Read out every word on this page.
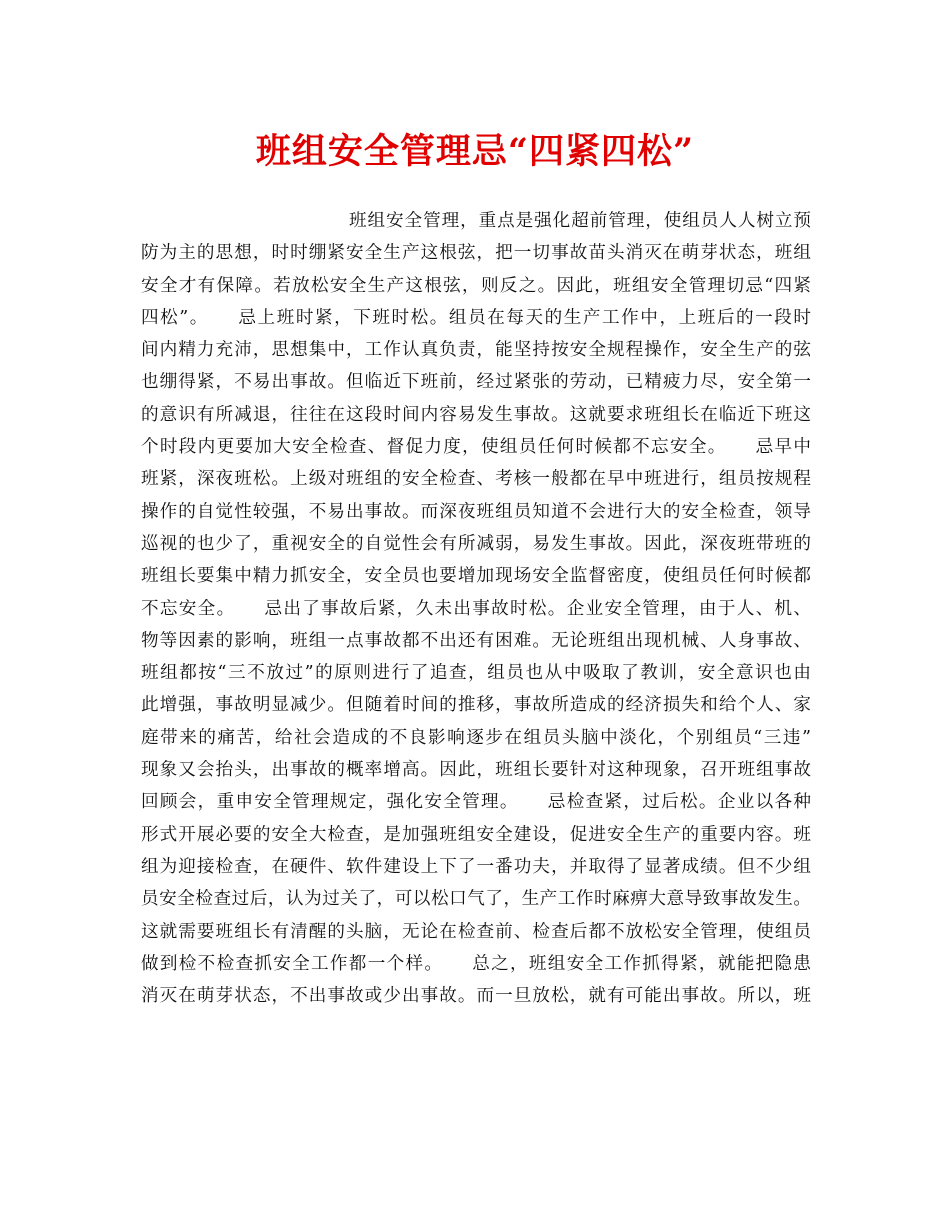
班组安全管理忌“四紧四松”
班组安全管理，重点是强化超前管理，使组员人人树立预
防为主的思想，时时绷紧安全生产这根弦，把一切事故苗头消灭在萌芽状态，班组
安全才有保障。若放松安全生产这根弦，则反之。因此，班组安全管理切忌“四紧
四松”。　　忌上班时紧，下班时松。组员在每天的生产工作中，上班后的一段时
间内精力充沛，思想集中，工作认真负责，能坚持按安全规程操作，安全生产的弦
也绷得紧，不易出事故。但临近下班前，经过紧张的劳动，已精疲力尽，安全第一
的意识有所减退，往往在这段时间内容易发生事故。这就要求班组长在临近下班这
个时段内更要加大安全检查、督促力度，使组员任何时候都不忘安全。　　忌早中
班紧，深夜班松。上级对班组的安全检查、考核一般都在早中班进行，组员按规程
操作的自觉性较强，不易出事故。而深夜班组员知道不会进行大的安全检查，领导
巡视的也少了，重视安全的自觉性会有所减弱，易发生事故。因此，深夜班带班的
班组长要集中精力抓安全，安全员也要增加现场安全监督密度，使组员任何时候都
不忘安全。　　忌出了事故后紧，久未出事故时松。企业安全管理，由于人、机、
物等因素的影响，班组一点事故都不出还有困难。无论班组出现机械、人身事故、
班组都按“三不放过”的原则进行了追查，组员也从中吸取了教训，安全意识也由
此增强，事故明显减少。但随着时间的推移，事故所造成的经济损失和给个人、家
庭带来的痛苦，给社会造成的不良影响逐步在组员头脑中淡化，个别组员“三违”
现象又会抬头，出事故的概率增高。因此，班组长要针对这种现象，召开班组事故
回顾会，重申安全管理规定，强化安全管理。　　忌检查紧，过后松。企业以各种
形式开展必要的安全大检查，是加强班组安全建设，促进安全生产的重要内容。班
组为迎接检查，在硬件、软件建设上下了一番功夫，并取得了显著成绩。但不少组
员安全检查过后，认为过关了，可以松口气了，生产工作时麻痹大意导致事故发生。
这就需要班组长有清醒的头脑，无论在检查前、检查后都不放松安全管理，使组员
做到检不检查抓安全工作都一个样。　　总之，班组安全工作抓得紧，就能把隐患
消灭在萌芽状态，不出事故或少出事故。而一旦放松，就有可能出事故。所以，班
